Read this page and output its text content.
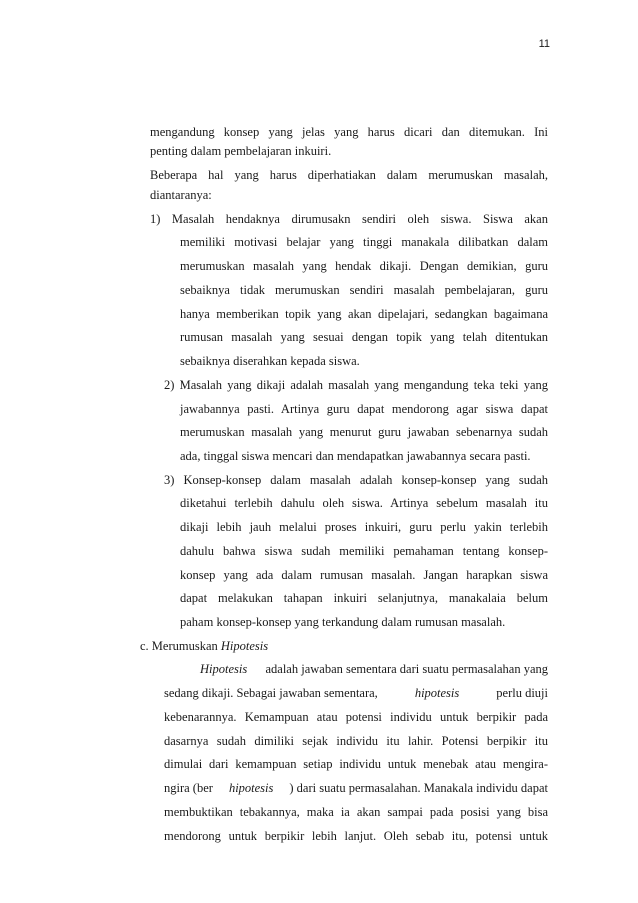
11
mengandung konsep yang jelas yang harus dicari dan ditemukan. Ini
penting dalam pembelajaran inkuiri.
Beberapa hal yang harus diperhatiakan dalam merumuskan masalah,
diantaranya:
1) Masalah hendaknya dirumusakn sendiri oleh siswa. Siswa akan
memiliki motivasi belajar yang tinggi manakala dilibatkan dalam
merumuskan masalah yang hendak dikaji. Dengan demikian, guru
sebaiknya tidak merumuskan sendiri masalah pembelajaran, guru
hanya memberikan topik yang akan dipelajari, sedangkan bagaimana
rumusan masalah yang sesuai dengan topik yang telah ditentukan
sebaiknya diserahkan kepada siswa.
2) Masalah yang dikaji adalah masalah yang mengandung teka teki yang
jawabannya pasti. Artinya guru dapat mendorong agar siswa dapat
merumuskan masalah yang menurut guru jawaban sebenarnya sudah
ada, tinggal siswa mencari dan mendapatkan jawabannya secara pasti.
3) Konsep-konsep dalam masalah adalah konsep-konsep yang sudah
diketahui terlebih dahulu oleh siswa. Artinya sebelum masalah itu
dikaji lebih jauh melalui proses inkuiri, guru perlu yakin terlebih
dahulu bahwa siswa sudah memiliki pemahaman tentang konsep-
konsep yang ada dalam rumusan masalah. Jangan harapkan siswa
dapat melakukan tahapan inkuiri selanjutnya, manakalaia belum
paham konsep-konsep yang terkandung dalam rumusan masalah.
c. Merumuskan Hipotesis
Hipotesis adalah jawaban sementara dari suatu permasalahan yang
sedang dikaji. Sebagai jawaban sementara,	hipotesis	perlu diuji
kebenarannya. Kemampuan atau potensi individu untuk berpikir pada
dasarnya sudah dimiliki sejak individu itu lahir. Potensi berpikir itu
dimulai dari kemampuan setiap individu untuk menebak atau mengira-
ngira (ber hipotesis ) dari suatu permasalahan. Manakala individu dapat
membuktikan tebakannya, maka ia akan sampai pada posisi yang bisa
mendorong untuk berpikir lebih lanjut. Oleh sebab itu, potensi untuk
